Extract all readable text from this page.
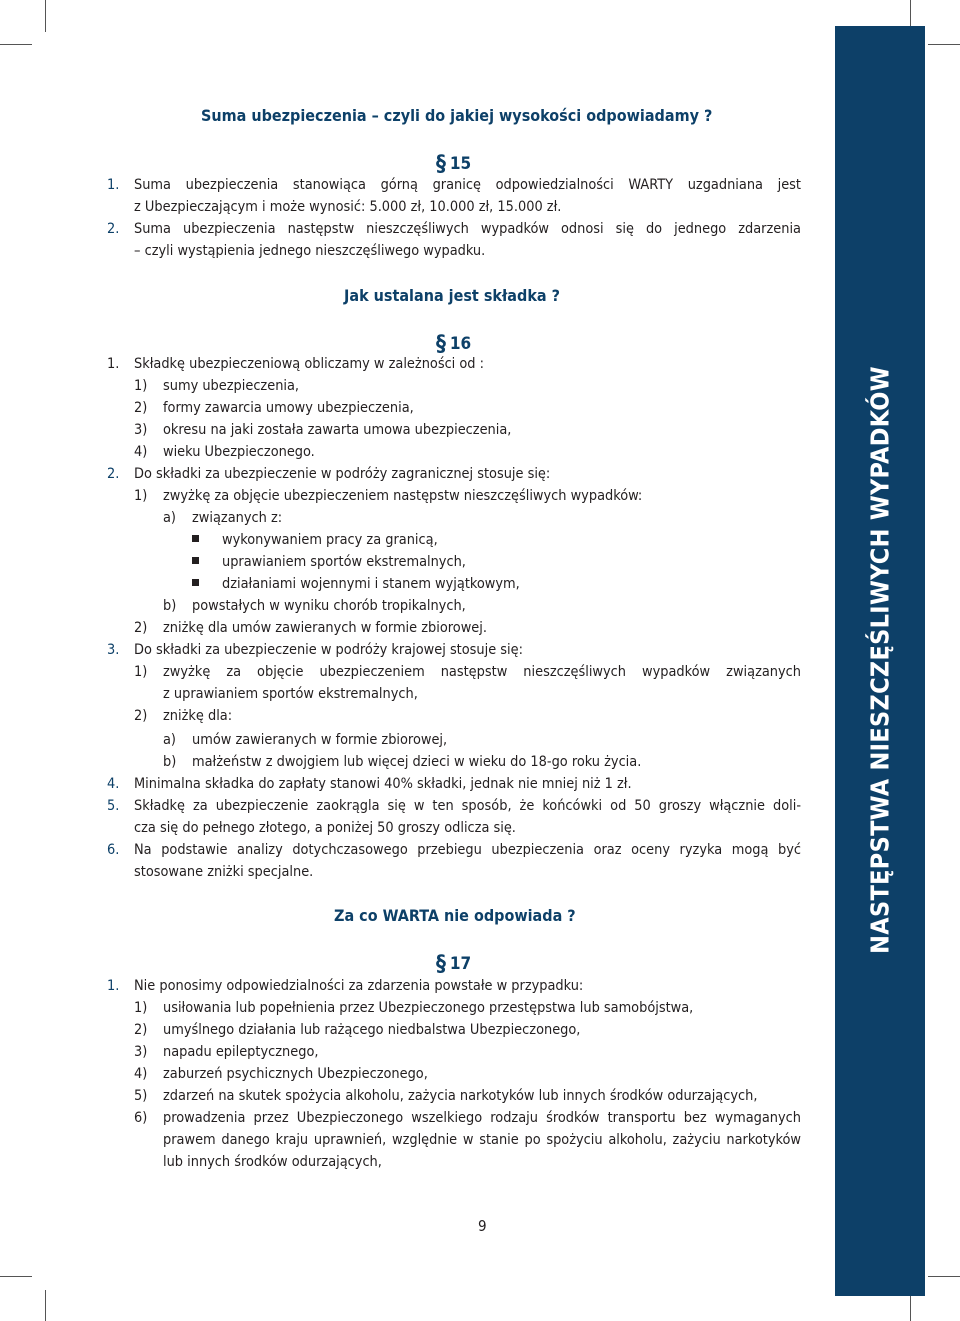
NASTĘPSTWA NIESZCZĘŚLIWYCH WYPADKÓW
Suma ubezpieczenia – czyli do jakiej wysokości odpowiadamy ?
§ 15
1. Suma ubezpieczenia stanowiąca górną granicę odpowiedzialności WARTY uzgadniana jest
z Ubezpieczającym i może wynosić: 5.000 zł, 10.000 zł, 15.000 zł.
2. Suma ubezpieczenia następstw nieszczęśliwych wypadków odnosi się do jednego zdarzenia
– czyli wystąpienia jednego nieszczęśliwego wypadku.
Jak ustalana jest składka ?
§ 16
1.
1)
2)
3)
4)
2.
1)
a)
b)
2)
3.
1)
2)
a)
b)
4.
5.
6.
Składkę ubezpieczeniową obliczamy w zależności od :
sumy ubezpieczenia,
formy zawarcia umowy ubezpieczenia,
okresu na jaki została zawarta umowa ubezpieczenia,
wieku Ubezpieczonego.
Do składki za ubezpieczenie w podróży zagranicznej stosuje się:
zwyżkę za objęcie ubezpieczeniem następstw nieszczęśliwych wypadków:
związanych z:
wykonywaniem pracy za granicą,
uprawianiem sportów ekstremalnych,
działaniami wojennymi i stanem wyjątkowym,
powstałych w wyniku chorób tropikalnych,
zniżkę dla umów zawieranych w formie zbiorowej.
Do składki za ubezpieczenie w podróży krajowej stosuje się:
zwyżkę za objęcie ubezpieczeniem następstw nieszczęśliwych wypadków związanych
z uprawianiem sportów ekstremalnych,
zniżkę dla:
umów zawieranych w formie zbiorowej,
małżeństw z dwojgiem lub więcej dzieci w wieku do 18-go roku życia.
Minimalna składka do zapłaty stanowi 40% składki, jednak nie mniej niż 1 zł.
Składkę za ubezpieczenie zaokrągla się w ten sposób, że końcówki od 50 groszy włącznie doli-
cza się do pełnego złotego, a poniżej 50 groszy odlicza się.
Na podstawie analizy dotychczasowego przebiegu ubezpieczenia oraz oceny ryzyka mogą być
stosowane zniżki specjalne.
Za co WARTA nie odpowiada ?
§ 17
1.
1)
2)
3)
4)
5)
6)
Nie ponosimy odpowiedzialności za zdarzenia powstałe w przypadku:
usiłowania lub popełnienia przez Ubezpieczonego przestępstwa lub samobójstwa,
umyślnego działania lub rażącego niedbalstwa Ubezpieczonego,
napadu epileptycznego,
zaburzeń psychicznych Ubezpieczonego,
zdarzeń na skutek spożycia alkoholu, zażycia narkotyków lub innych środków odurzających,
prowadzenia przez Ubezpieczonego wszelkiego rodzaju środków transportu bez wymaganych
prawem danego kraju uprawnień, względnie w stanie po spożyciu alkoholu, zażyciu narkotyków
lub innych środków odurzających,
9
